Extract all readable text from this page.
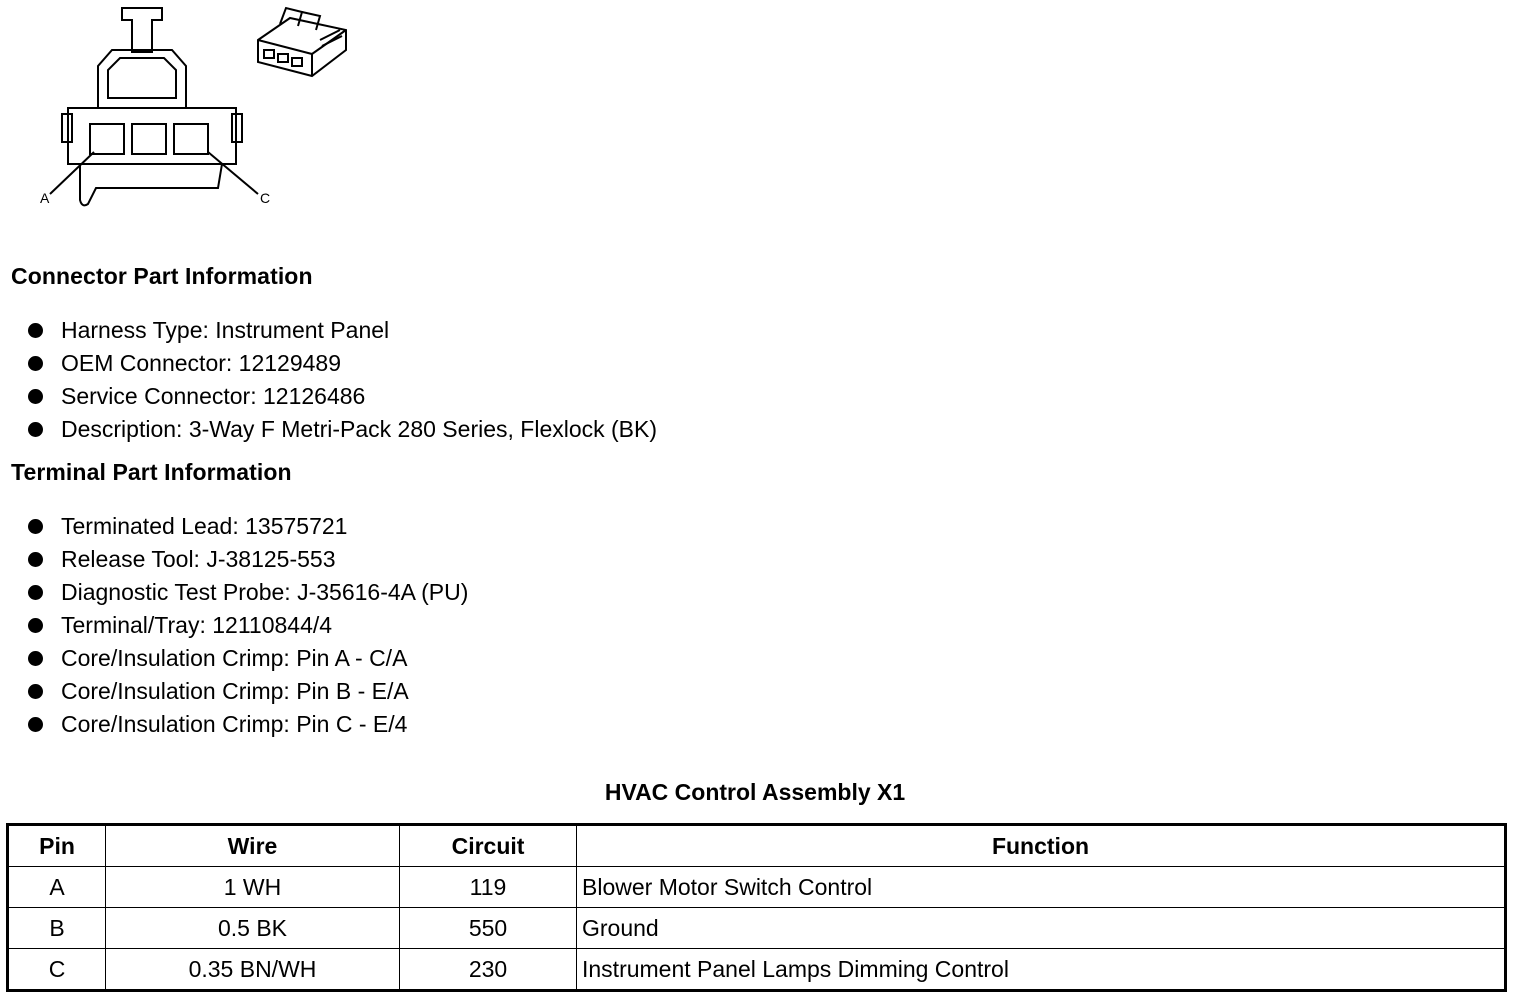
A	C
Connector Part Information
Harness Type: Instrument Panel
OEM Connector: 12129489
Service Connector: 12126486
Description: 3-Way F Metri-Pack 280 Series, Flexlock (BK)
Terminal Part Information
Terminated Lead: 13575721
Release Tool: J-38125-553
Diagnostic Test Probe: J-35616-4A (PU)
Terminal/Tray: 12110844/4
Core/Insulation Crimp: Pin A - C/A
Core/Insulation Crimp: Pin B - E/A
Core/Insulation Crimp: Pin C - E/4
HVAC Control Assembly X1
Pin	Wire	Circuit	Function
A	1 WH	119	Blower Motor Switch Control
B	0.5 BK	550	Ground
C	0.35 BN/WH	230	Instrument Panel Lamps Dimming Control
